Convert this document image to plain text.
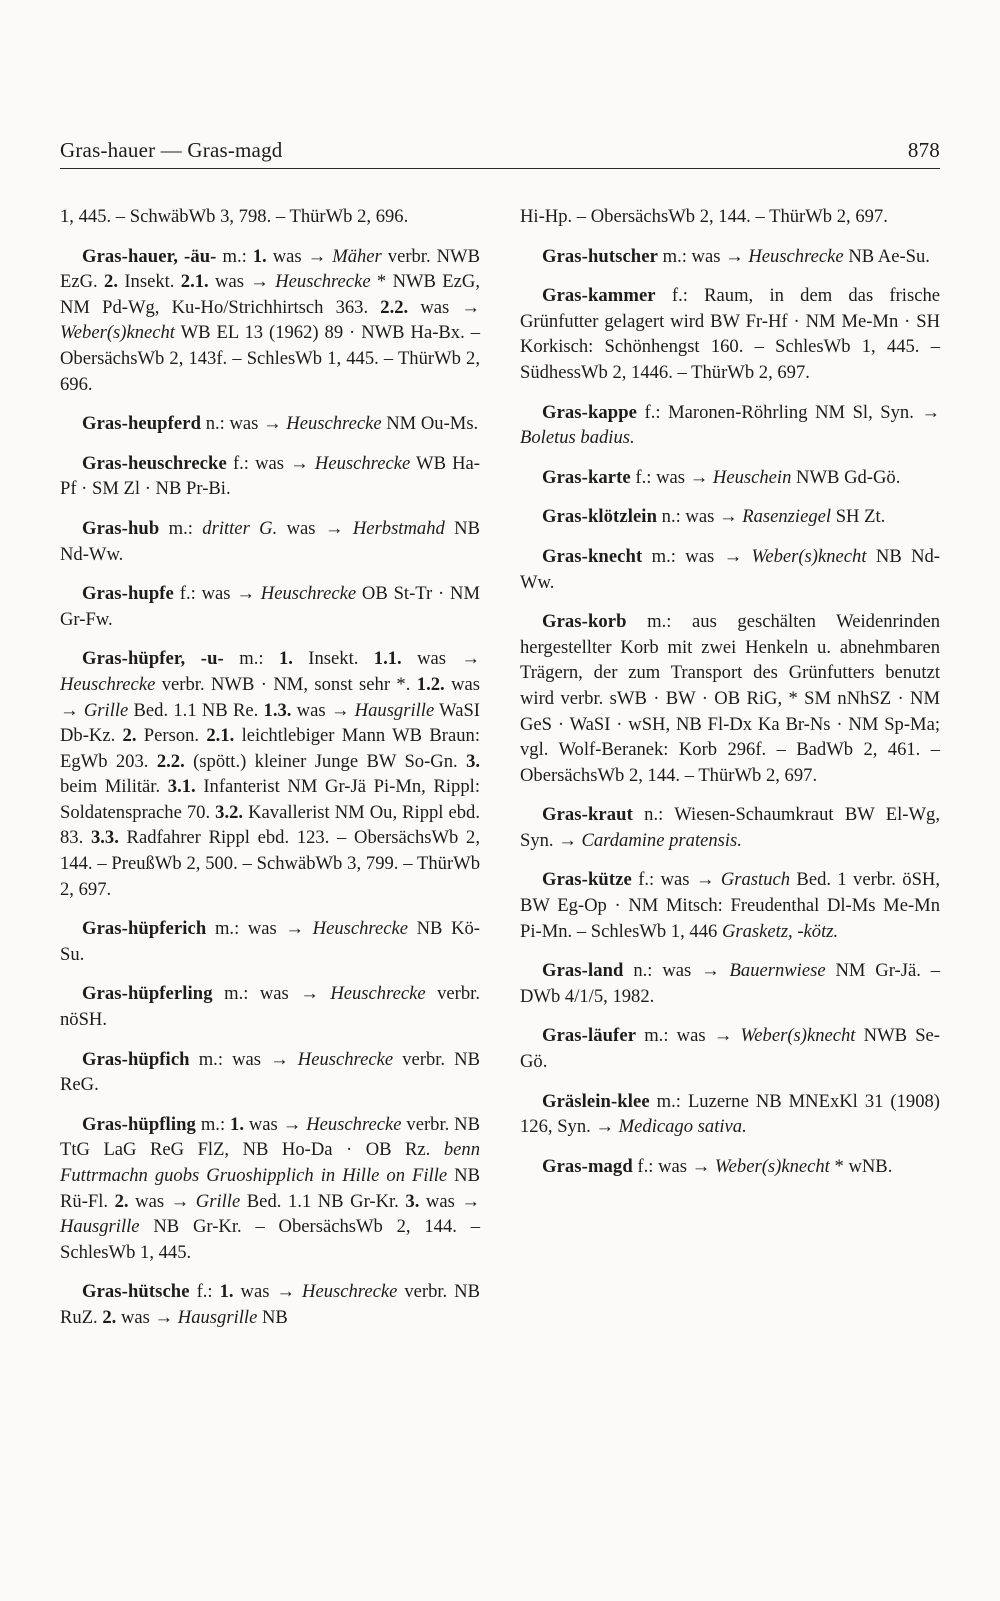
Gras-hauer — Gras-magd	878

1, 445. – SchwäbWb 3, 798. – ThürWb 2, 696.

Gras-hauer, -äu- m.: 1. was → Mäher verbr. NWB EzG. 2. Insekt. 2.1. was → Heuschrecke * NWB EzG, NM Pd-Wg, Ku-Ho/Strichhirtsch 363. 2.2. was → Weber(s)knecht WB EL 13 (1962) 89 · NWB Ha-Bx. – ObersächsWb 2, 143f. – SchlesWb 1, 445. – ThürWb 2, 696.

Gras-heupferd n.: was → Heuschrecke NM Ou-Ms.

Gras-heuschrecke f.: was → Heuschrecke WB Ha-Pf · SM Zl · NB Pr-Bi.

Gras-hub m.: dritter G. was → Herbstmahd NB Nd-Ww.

Gras-hupfe f.: was → Heuschrecke OB St-Tr · NM Gr-Fw.

Gras-hüpfer, -u- m.: 1. Insekt. 1.1. was → Heuschrecke verbr. NWB · NM, sonst sehr *. 1.2. was → Grille Bed. 1.1 NB Re. 1.3. was → Hausgrille WaSI Db-Kz. 2. Person. 2.1. leichtlebiger Mann WB Braun: EgWb 203. 2.2. (spött.) kleiner Junge BW So-Gn. 3. beim Militär. 3.1. Infanterist NM Gr-Jä Pi-Mn, Rippl: Soldatensprache 70. 3.2. Kavallerist NM Ou, Rippl ebd. 83. 3.3. Radfahrer Rippl ebd. 123. – ObersächsWb 2, 144. – PreußWb 2, 500. – SchwäbWb 3, 799. – ThürWb 2, 697.

Gras-hüpferich m.: was → Heuschrecke NB Kö-Su.

Gras-hüpferling m.: was → Heuschrecke verbr. nöSH.

Gras-hüpfich m.: was → Heuschrecke verbr. NB ReG.

Gras-hüpfling m.: 1. was → Heuschrecke verbr. NB TtG LaG ReG FlZ, NB Ho-Da · OB Rz. benn Futtrmachn guobs Gruoshipplich in Hille on Fille NB Rü-Fl. 2. was → Grille Bed. 1.1 NB Gr-Kr. 3. was → Hausgrille NB Gr-Kr. – ObersächsWb 2, 144. – SchlesWb 1, 445.

Gras-hütsche f.: 1. was → Heuschrecke verbr. NB RuZ. 2. was → Hausgrille NB

Hi-Hp. – ObersächsWb 2, 144. – ThürWb 2, 697.

Gras-hutscher m.: was → Heuschrecke NB Ae-Su.

Gras-kammer f.: Raum, in dem das frische Grünfutter gelagert wird BW Fr-Hf · NM Me-Mn · SH Korkisch: Schönhengst 160. – SchlesWb 1, 445. – SüdhessWb 2, 1446. – ThürWb 2, 697.

Gras-kappe f.: Maronen-Röhrling NM Sl, Syn. → Boletus badius.

Gras-karte f.: was → Heuschein NWB Gd-Gö.

Gras-klötzlein n.: was → Rasenziegel SH Zt.

Gras-knecht m.: was → Weber(s)knecht NB Nd-Ww.

Gras-korb m.: aus geschälten Weidenrinden hergestellter Korb mit zwei Henkeln u. abnehmbaren Trägern, der zum Transport des Grünfutters benutzt wird verbr. sWB · BW · OB RiG, * SM nNhSZ · NM GeS · WaSI · wSH, NB Fl-Dx Ka Br-Ns · NM Sp-Ma; vgl. Wolf-Beranek: Korb 296f. – BadWb 2, 461. – ObersächsWb 2, 144. – ThürWb 2, 697.

Gras-kraut n.: Wiesen-Schaumkraut BW El-Wg, Syn. → Cardamine pratensis.

Gras-kütze f.: was → Grastuch Bed. 1 verbr. öSH, BW Eg-Op · NM Mitsch: Freudenthal Dl-Ms Me-Mn Pi-Mn. – SchlesWb 1, 446 Grasketz, -kötz.

Gras-land n.: was → Bauernwiese NM Gr-Jä. – DWb 4/1/5, 1982.

Gras-läufer m.: was → Weber(s)knecht NWB Se-Gö.

Gräslein-klee m.: Luzerne NB MNExKl 31 (1908) 126, Syn. → Medicago sativa.

Gras-magd f.: was → Weber(s)knecht * wNB.
